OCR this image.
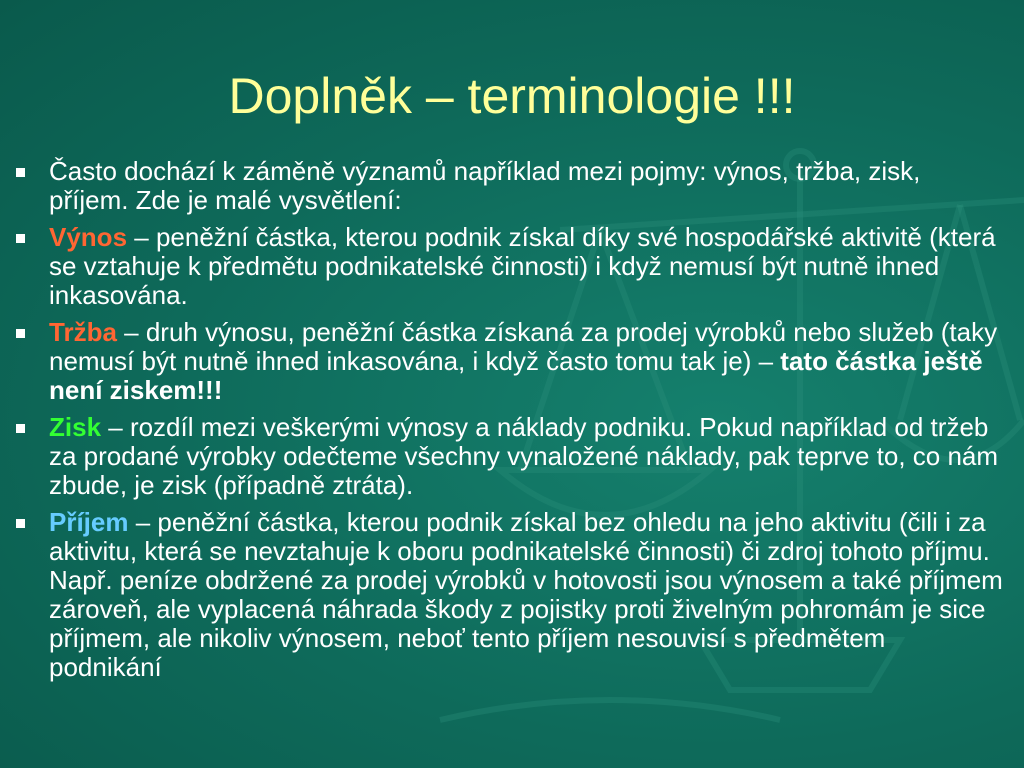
Doplněk – terminologie !!!
Často dochází k záměně významů například mezi pojmy: výnos, tržba, zisk, příjem. Zde je malé vysvětlení:
Výnos – peněžní částka, kterou podnik získal díky své hospodářské aktivitě (která se vztahuje k předmětu podnikatelské činnosti) i když nemusí být nutně ihned inkasována.
Tržba – druh výnosu, peněžní částka získaná za prodej výrobků nebo služeb (taky nemusí být nutně ihned inkasována, i když často tomu tak je) – tato částka ještě není ziskem!!!
Zisk – rozdíl mezi veškerými výnosy a náklady podniku. Pokud například od tržeb za prodané výrobky odečteme všechny vynaložené náklady, pak teprve to, co nám zbude, je zisk (případně ztráta).
Příjem – peněžní částka, kterou podnik získal bez ohledu na jeho aktivitu (čili i za aktivitu, která se nevztahuje k oboru podnikatelské činnosti) či zdroj tohoto příjmu. Např. peníze obdržené za prodej výrobků v hotovosti jsou výnosem a také příjmem zároveň, ale vyplacená náhrada škody z pojistky proti živelným pohromám je sice příjmem, ale nikoliv výnosem, neboť tento příjem nesouvisí s předmětem podnikání
